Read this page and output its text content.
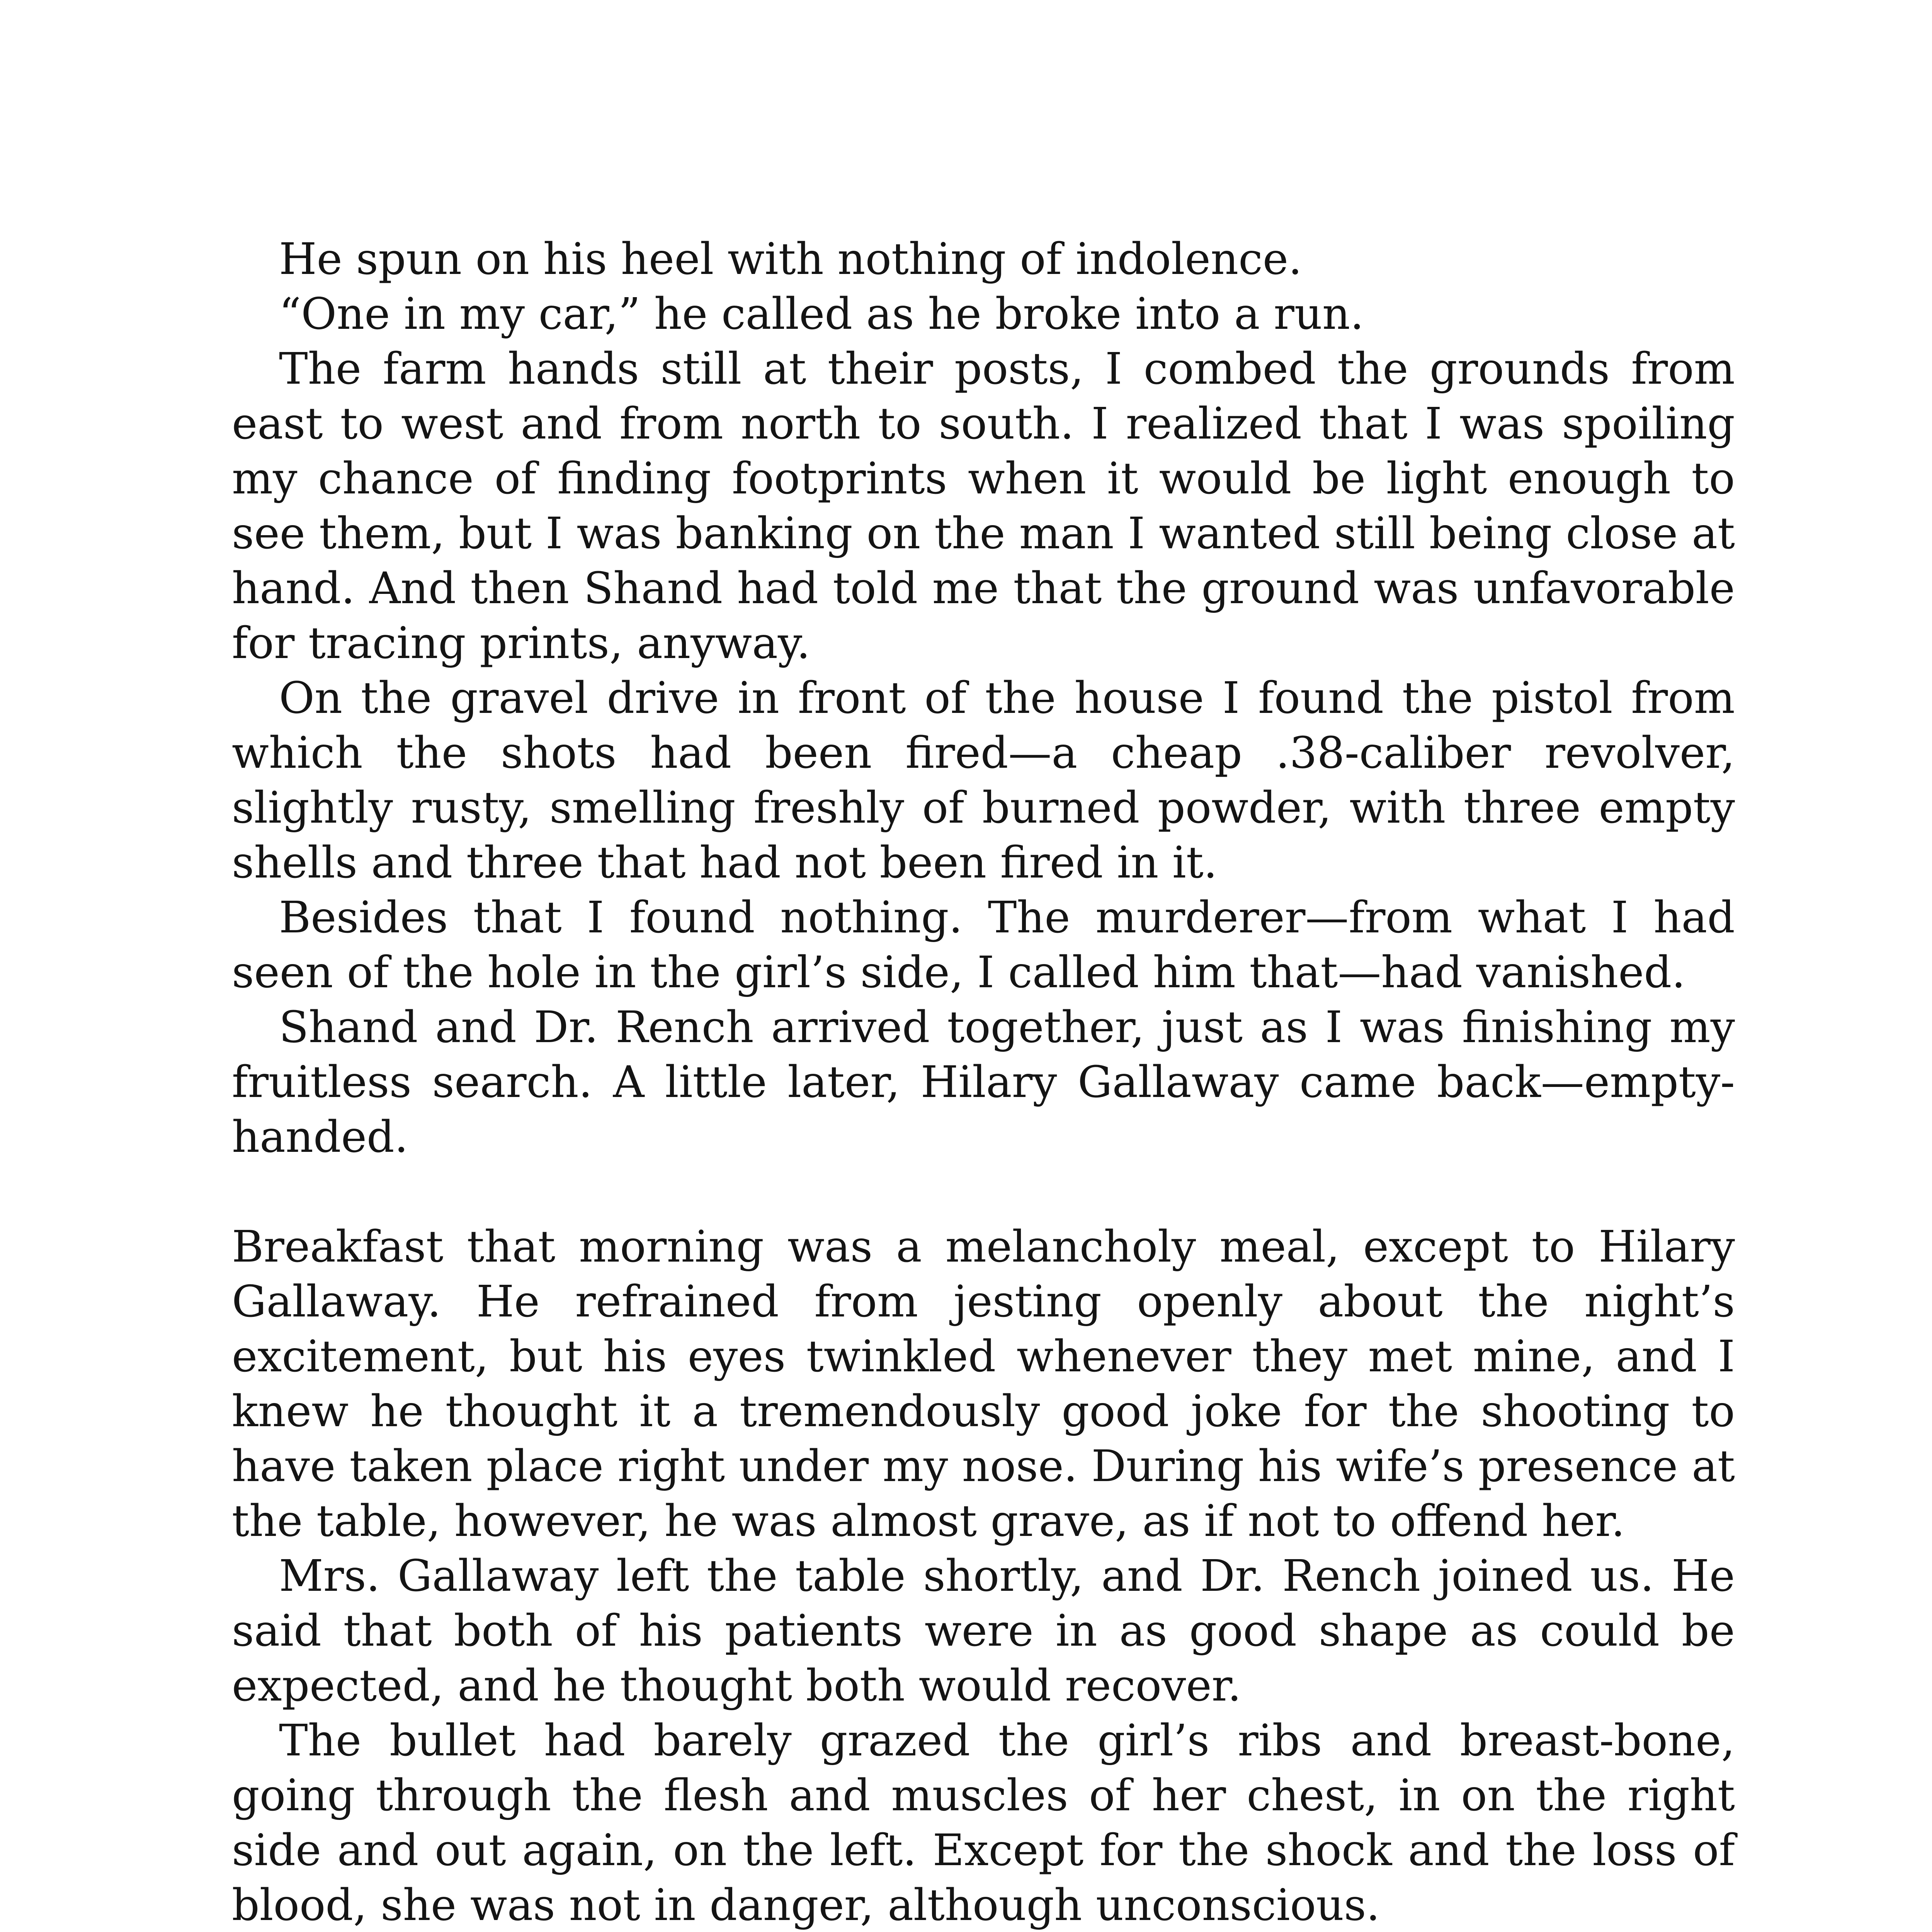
He spun on his heel with nothing of indolence.

“One in my car,” he called as he broke into a run.

The farm hands still at their posts, I combed the grounds from east to west and from north to south. I realized that I was spoiling my chance of finding footprints when it would be light enough to see them, but I was banking on the man I wanted still being close at hand. And then Shand had told me that the ground was unfavorable for tracing prints, anyway.

On the gravel drive in front of the house I found the pistol from which the shots had been fired—a cheap .38-caliber revolver, slightly rusty, smelling freshly of burned powder, with three empty shells and three that had not been fired in it.

Besides that I found nothing. The murderer—from what I had seen of the hole in the girl’s side, I called him that—had vanished.

Shand and Dr. Rench arrived together, just as I was finishing my fruitless search. A little later, Hilary Gallaway came back—empty-handed.

Breakfast that morning was a melancholy meal, except to Hilary Gallaway. He refrained from jesting openly about the night’s excitement, but his eyes twinkled whenever they met mine, and I knew he thought it a tremendously good joke for the shooting to have taken place right under my nose. During his wife’s presence at the table, however, he was almost grave, as if not to offend her.

Mrs. Gallaway left the table shortly, and Dr. Rench joined us. He said that both of his patients were in as good shape as could be expected, and he thought both would recover.

The bullet had barely grazed the girl’s ribs and breast-bone, going through the flesh and muscles of her chest, in on the right side and out again, on the left. Except for the shock and the loss of blood, she was not in danger, although unconscious.
